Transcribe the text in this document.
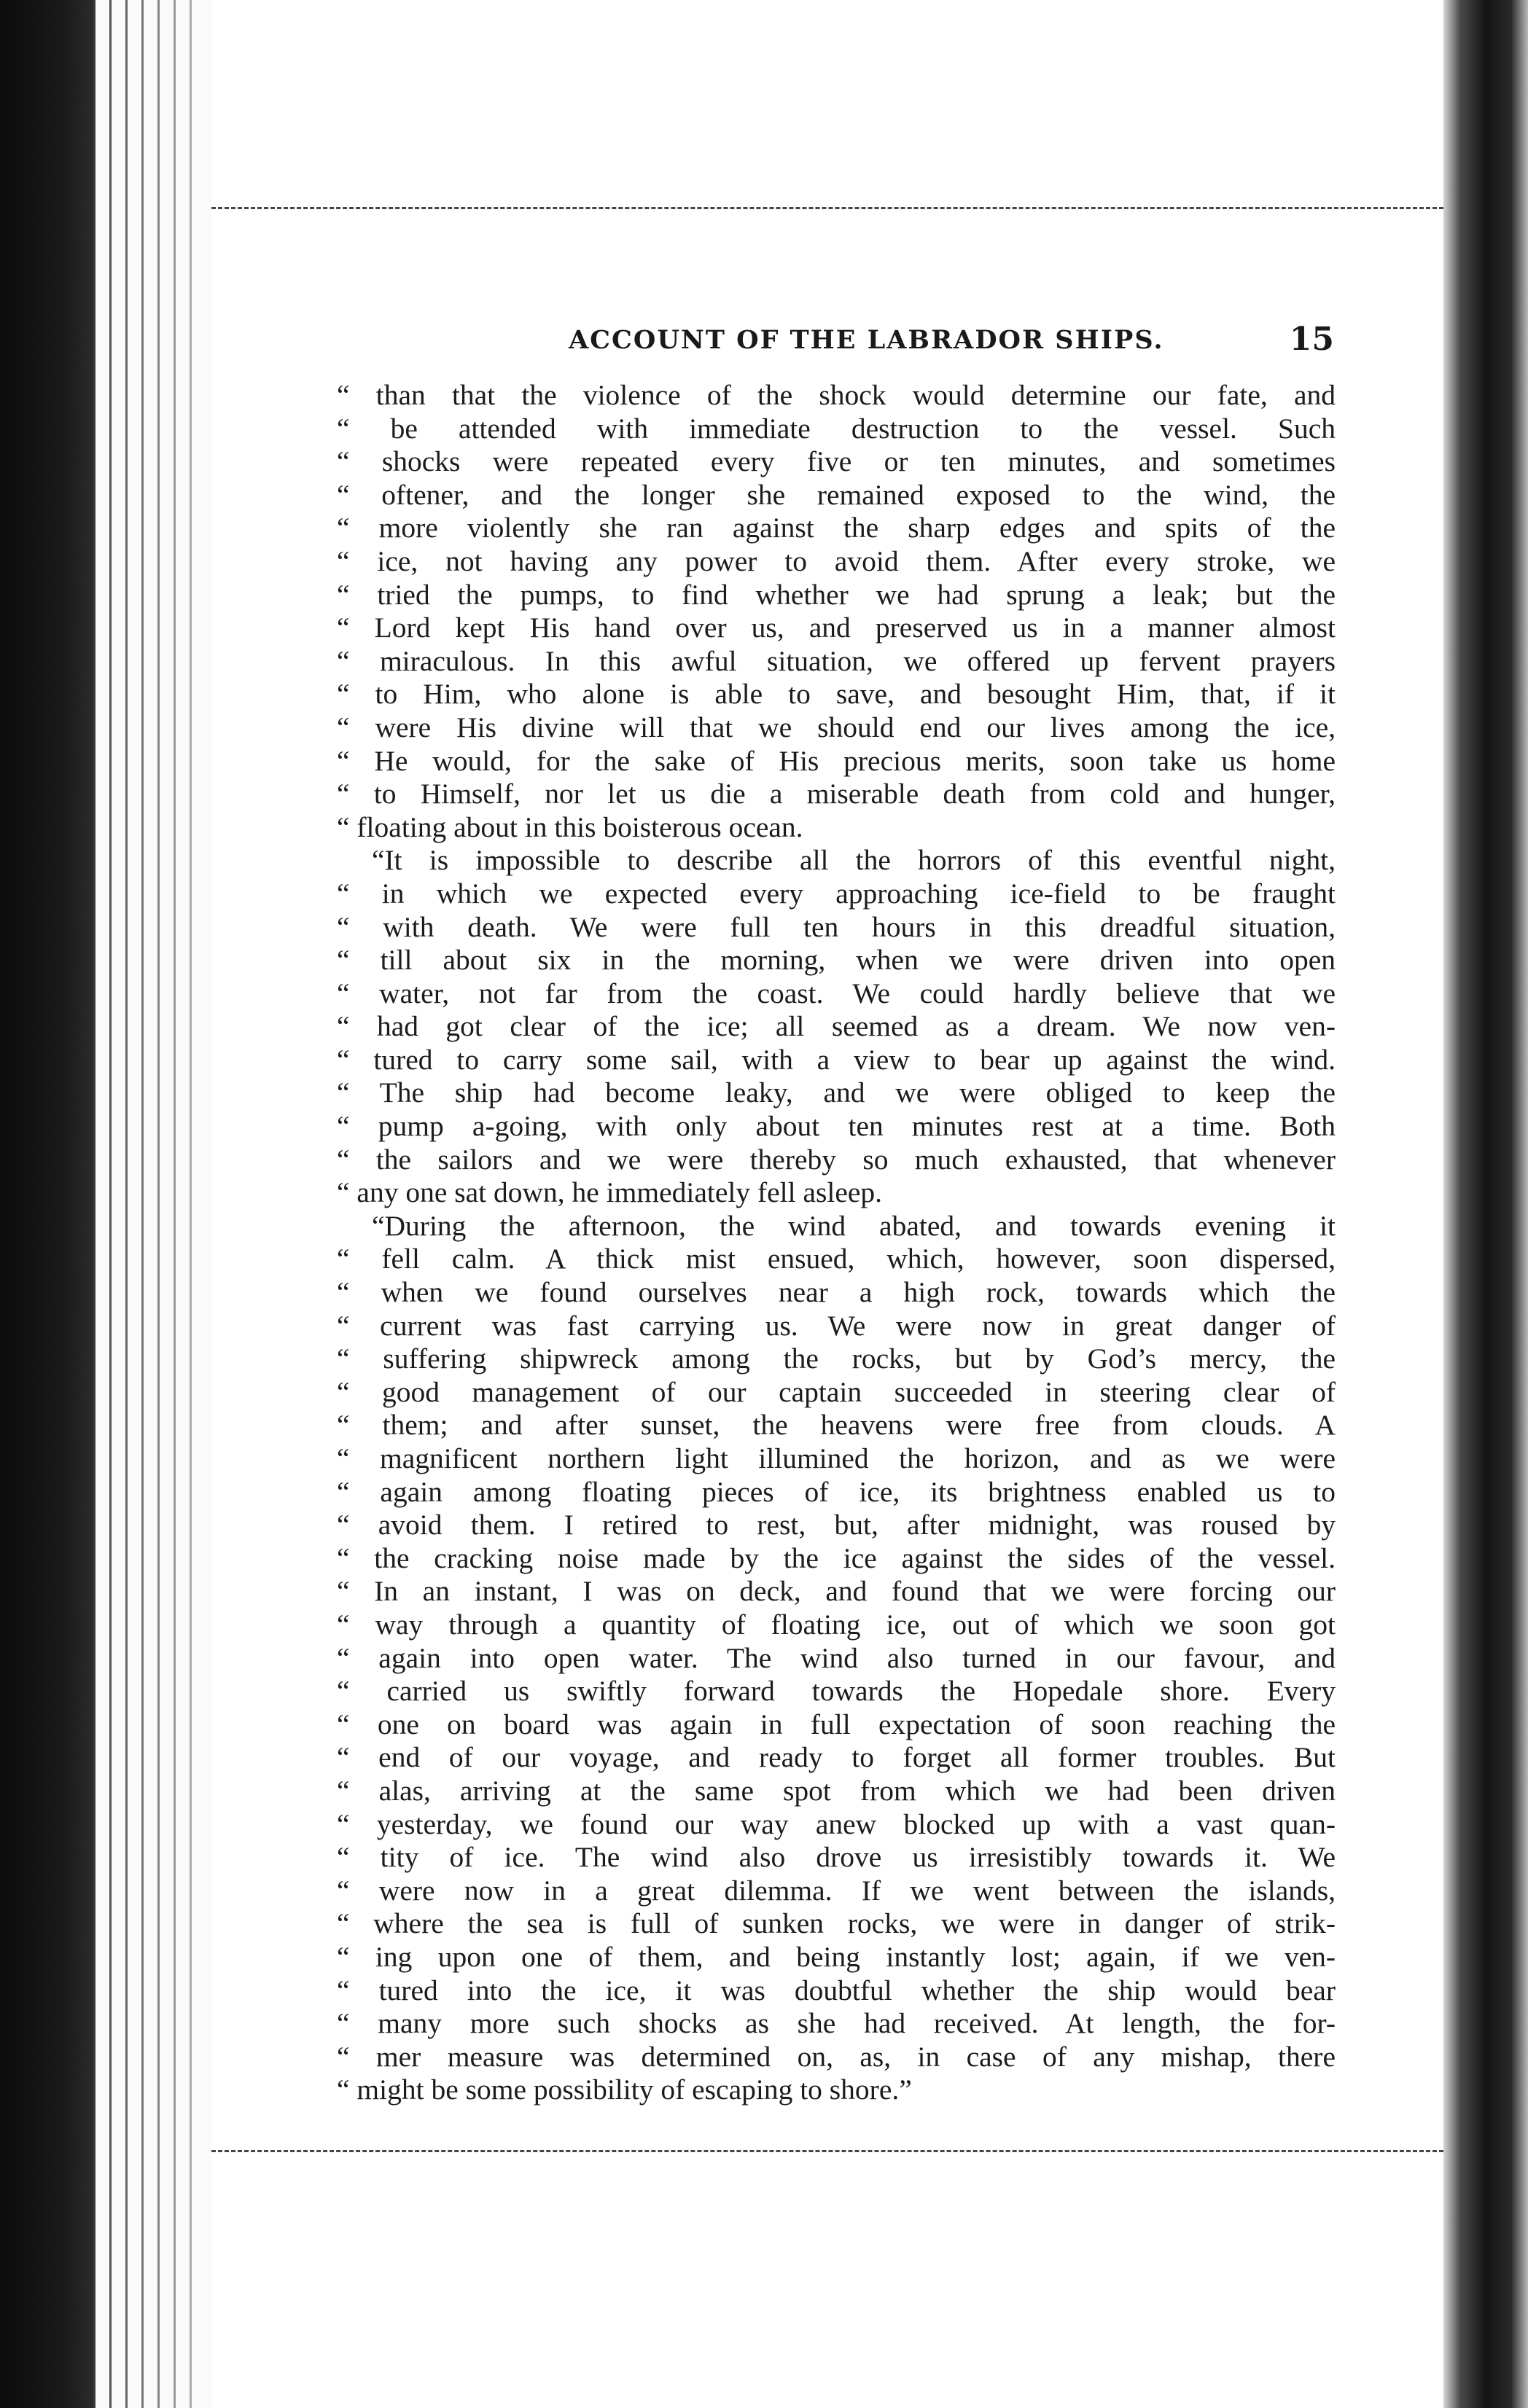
ACCOUNT OF THE LABRADOR SHIPS.	15
“ than that the violence of the shock would determine our fate, and
“ be attended with immediate destruction to the vessel. Such
“ shocks were repeated every five or ten minutes, and sometimes
“ oftener, and the longer she remained exposed to the wind, the
“ more violently she ran against the sharp edges and spits of the
“ ice, not having any power to avoid them. After every stroke, we
“ tried the pumps, to find whether we had sprung a leak; but the
“ Lord kept His hand over us, and preserved us in a manner almost
“ miraculous. In this awful situation, we offered up fervent prayers
“ to Him, who alone is able to save, and besought Him, that, if it
“ were His divine will that we should end our lives among the ice,
“ He would, for the sake of His precious merits, soon take us home
“ to Himself, nor let us die a miserable death from cold and hunger,
“ floating about in this boisterous ocean.
“It is impossible to describe all the horrors of this eventful night,
“ in which we expected every approaching ice-field to be fraught
“ with death. We were full ten hours in this dreadful situation,
“ till about six in the morning, when we were driven into open
“ water, not far from the coast. We could hardly believe that we
“ had got clear of the ice; all seemed as a dream. We now ven-
“ tured to carry some sail, with a view to bear up against the wind.
“ The ship had become leaky, and we were obliged to keep the
“ pump a-going, with only about ten minutes rest at a time. Both
“ the sailors and we were thereby so much exhausted, that whenever
“ any one sat down, he immediately fell asleep.
“During the afternoon, the wind abated, and towards evening it
“ fell calm. A thick mist ensued, which, however, soon dispersed,
“ when we found ourselves near a high rock, towards which the
“ current was fast carrying us. We were now in great danger of
“ suffering shipwreck among the rocks, but by God’s mercy, the
“ good management of our captain succeeded in steering clear of
“ them; and after sunset, the heavens were free from clouds. A
“ magnificent northern light illumined the horizon, and as we were
“ again among floating pieces of ice, its brightness enabled us to
“ avoid them. I retired to rest, but, after midnight, was roused by
“ the cracking noise made by the ice against the sides of the vessel.
“ In an instant, I was on deck, and found that we were forcing our
“ way through a quantity of floating ice, out of which we soon got
“ again into open water. The wind also turned in our favour, and
“ carried us swiftly forward towards the Hopedale shore. Every
“ one on board was again in full expectation of soon reaching the
“ end of our voyage, and ready to forget all former troubles. But
“ alas, arriving at the same spot from which we had been driven
“ yesterday, we found our way anew blocked up with a vast quan-
“ tity of ice. The wind also drove us irresistibly towards it. We
“ were now in a great dilemma. If we went between the islands,
“ where the sea is full of sunken rocks, we were in danger of strik-
“ ing upon one of them, and being instantly lost; again, if we ven-
“ tured into the ice, it was doubtful whether the ship would bear
“ many more such shocks as she had received. At length, the for-
“ mer measure was determined on, as, in case of any mishap, there
“ might be some possibility of escaping to shore.”
